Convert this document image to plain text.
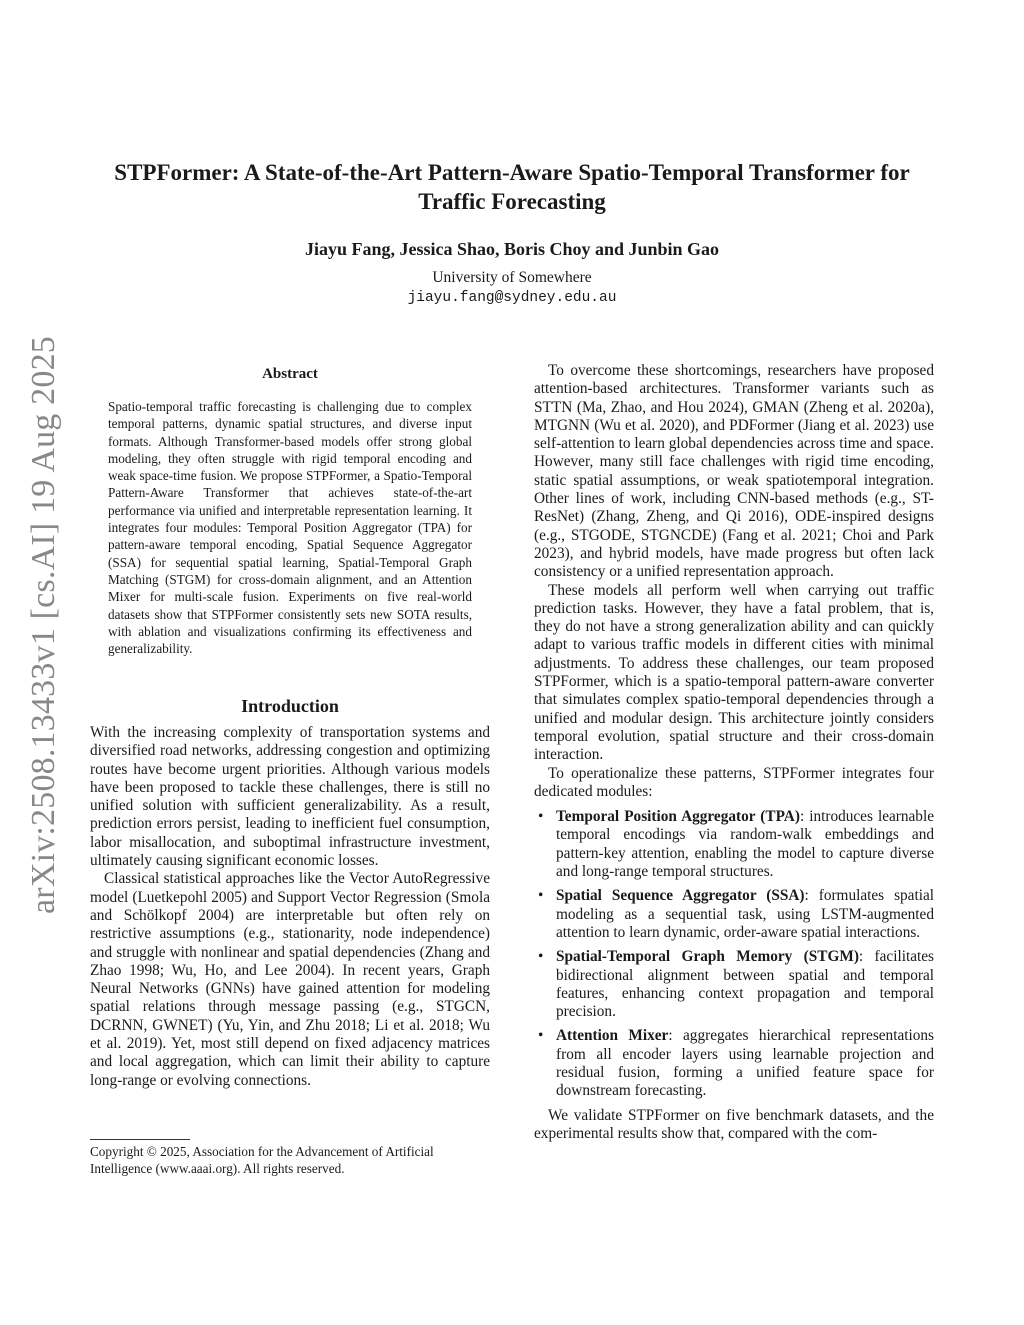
arXiv:2508.13433v1 [cs.AI] 19 Aug 2025
STPFormer: A State-of-the-Art Pattern-Aware Spatio-Temporal Transformer for Traffic Forecasting
Jiayu Fang, Jessica Shao, Boris Choy and Junbin Gao
University of Somewhere
jiayu.fang@sydney.edu.au
Abstract

Spatio-temporal traffic forecasting is challenging due to complex temporal patterns, dynamic spatial structures, and diverse input formats. Although Transformer-based models offer strong global modeling, they often struggle with rigid temporal encoding and weak space-time fusion. We propose STPFormer, a Spatio-Temporal Pattern-Aware Transformer that achieves state-of-the-art performance via unified and interpretable representation learning. It integrates four modules: Temporal Position Aggregator (TPA) for pattern-aware temporal encoding, Spatial Sequence Aggregator (SSA) for sequential spatial learning, Spatial-Temporal Graph Matching (STGM) for cross-domain alignment, and an Attention Mixer for multi-scale fusion. Experiments on five real-world datasets show that STPFormer consistently sets new SOTA results, with ablation and visualizations confirming its effectiveness and generalizability.

Introduction

With the increasing complexity of transportation systems and diversified road networks, addressing congestion and optimizing routes have become urgent priorities. Although various models have been proposed to tackle these challenges, there is still no unified solution with sufficient generalizability. As a result, prediction errors persist, leading to inefficient fuel consumption, labor misallocation, and suboptimal infrastructure investment, ultimately causing significant economic losses.

Classical statistical approaches like the Vector AutoRegressive model (Luetkepohl 2005) and Support Vector Regression (Smola and Schölkopf 2004) are interpretable but often rely on restrictive assumptions (e.g., stationarity, node independence) and struggle with nonlinear and spatial dependencies (Zhang and Zhao 1998; Wu, Ho, and Lee 2004). In recent years, Graph Neural Networks (GNNs) have gained attention for modeling spatial relations through message passing (e.g., STGCN, DCRNN, GWNET) (Yu, Yin, and Zhu 2018; Li et al. 2018; Wu et al. 2019). Yet, most still depend on fixed adjacency matrices and local aggregation, which can limit their ability to capture long-range or evolving connections.

To overcome these shortcomings, researchers have proposed attention-based architectures. Transformer variants such as STTN (Ma, Zhao, and Hou 2024), GMAN (Zheng et al. 2020a), MTGNN (Wu et al. 2020), and PDFormer (Jiang et al. 2023) use self-attention to learn global dependencies across time and space. However, many still face challenges with rigid time encoding, static spatial assumptions, or weak spatiotemporal integration. Other lines of work, including CNN-based methods (e.g., ST-ResNet) (Zhang, Zheng, and Qi 2016), ODE-inspired designs (e.g., STGODE, STGNCDE) (Fang et al. 2021; Choi and Park 2023), and hybrid models, have made progress but often lack consistency or a unified representation approach.

These models all perform well when carrying out traffic prediction tasks. However, they have a fatal problem, that is, they do not have a strong generalization ability and can quickly adapt to various traffic models in different cities with minimal adjustments. To address these challenges, our team proposed STPFormer, which is a spatio-temporal pattern-aware converter that simulates complex spatio-temporal dependencies through a unified and modular design. This architecture jointly considers temporal evolution, spatial structure and their cross-domain interaction.

To operationalize these patterns, STPFormer integrates four dedicated modules:

• Temporal Position Aggregator (TPA): introduces learnable temporal encodings via random-walk embeddings and pattern-key attention, enabling the model to capture diverse and long-range temporal structures.
• Spatial Sequence Aggregator (SSA): formulates spatial modeling as a sequential task, using LSTM-augmented attention to learn dynamic, order-aware spatial interactions.
• Spatial-Temporal Graph Memory (STGM): facilitates bidirectional alignment between spatial and temporal features, enhancing context propagation and temporal precision.
• Attention Mixer: aggregates hierarchical representations from all encoder layers using learnable projection and residual fusion, forming a unified feature space for downstream forecasting.

We validate STPFormer on five benchmark datasets, and the experimental results show that, compared with the com-

Copyright © 2025, Association for the Advancement of Artificial Intelligence (www.aaai.org). All rights reserved.
